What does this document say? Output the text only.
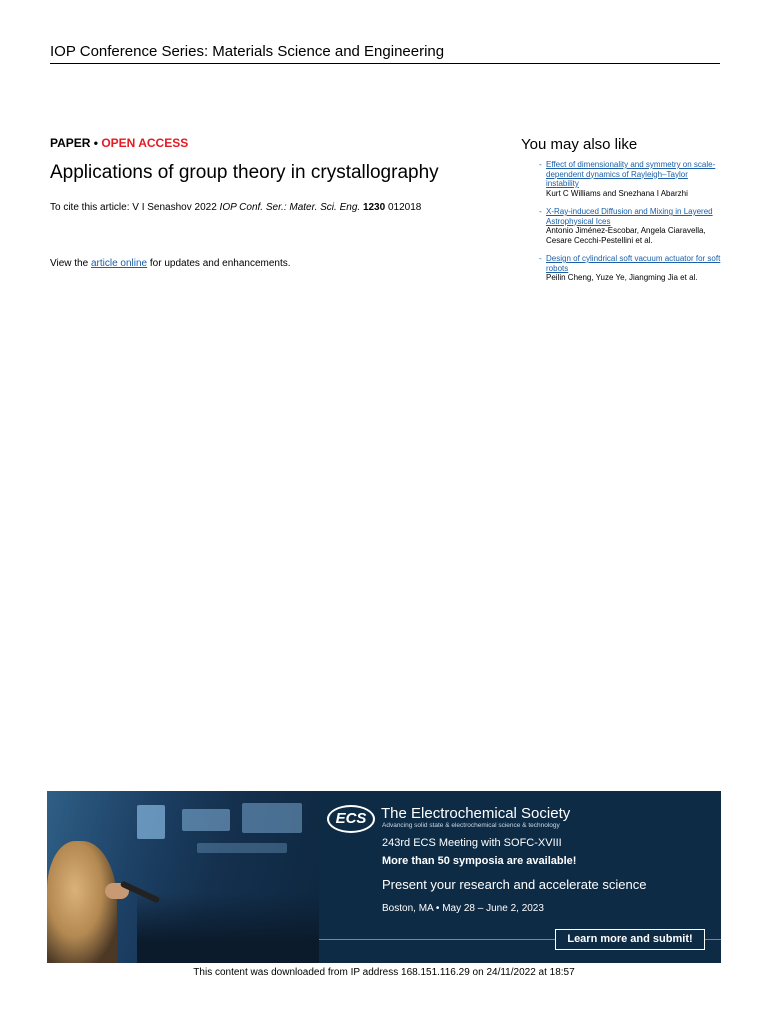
IOP Conference Series: Materials Science and Engineering
PAPER • OPEN ACCESS
Applications of group theory in crystallography
To cite this article: V I Senashov 2022 IOP Conf. Ser.: Mater. Sci. Eng. 1230 012018
View the article online for updates and enhancements.
You may also like
- Effect of dimensionality and symmetry on scale-dependent dynamics of Rayleigh–Taylor instability
Kurt C Williams and Snezhana I Abarzhi
- X-Ray-induced Diffusion and Mixing in Layered Astrophysical Ices
Antonio Jiménez-Escobar, Angela Ciaravella, Cesare Cecchi-Pestellini et al.
- Design of cylindrical soft vacuum actuator for soft robots
Peilin Cheng, Yuze Ye, Jiangming Jia et al.
ECS The Electrochemical Society
Advancing solid state & electrochemical science & technology
243rd ECS Meeting with SOFC-XVIII
More than 50 symposia are available!
Present your research and accelerate science
Boston, MA • May 28 – June 2, 2023
Learn more and submit!
This content was downloaded from IP address 168.151.116.29 on 24/11/2022 at 18:57
